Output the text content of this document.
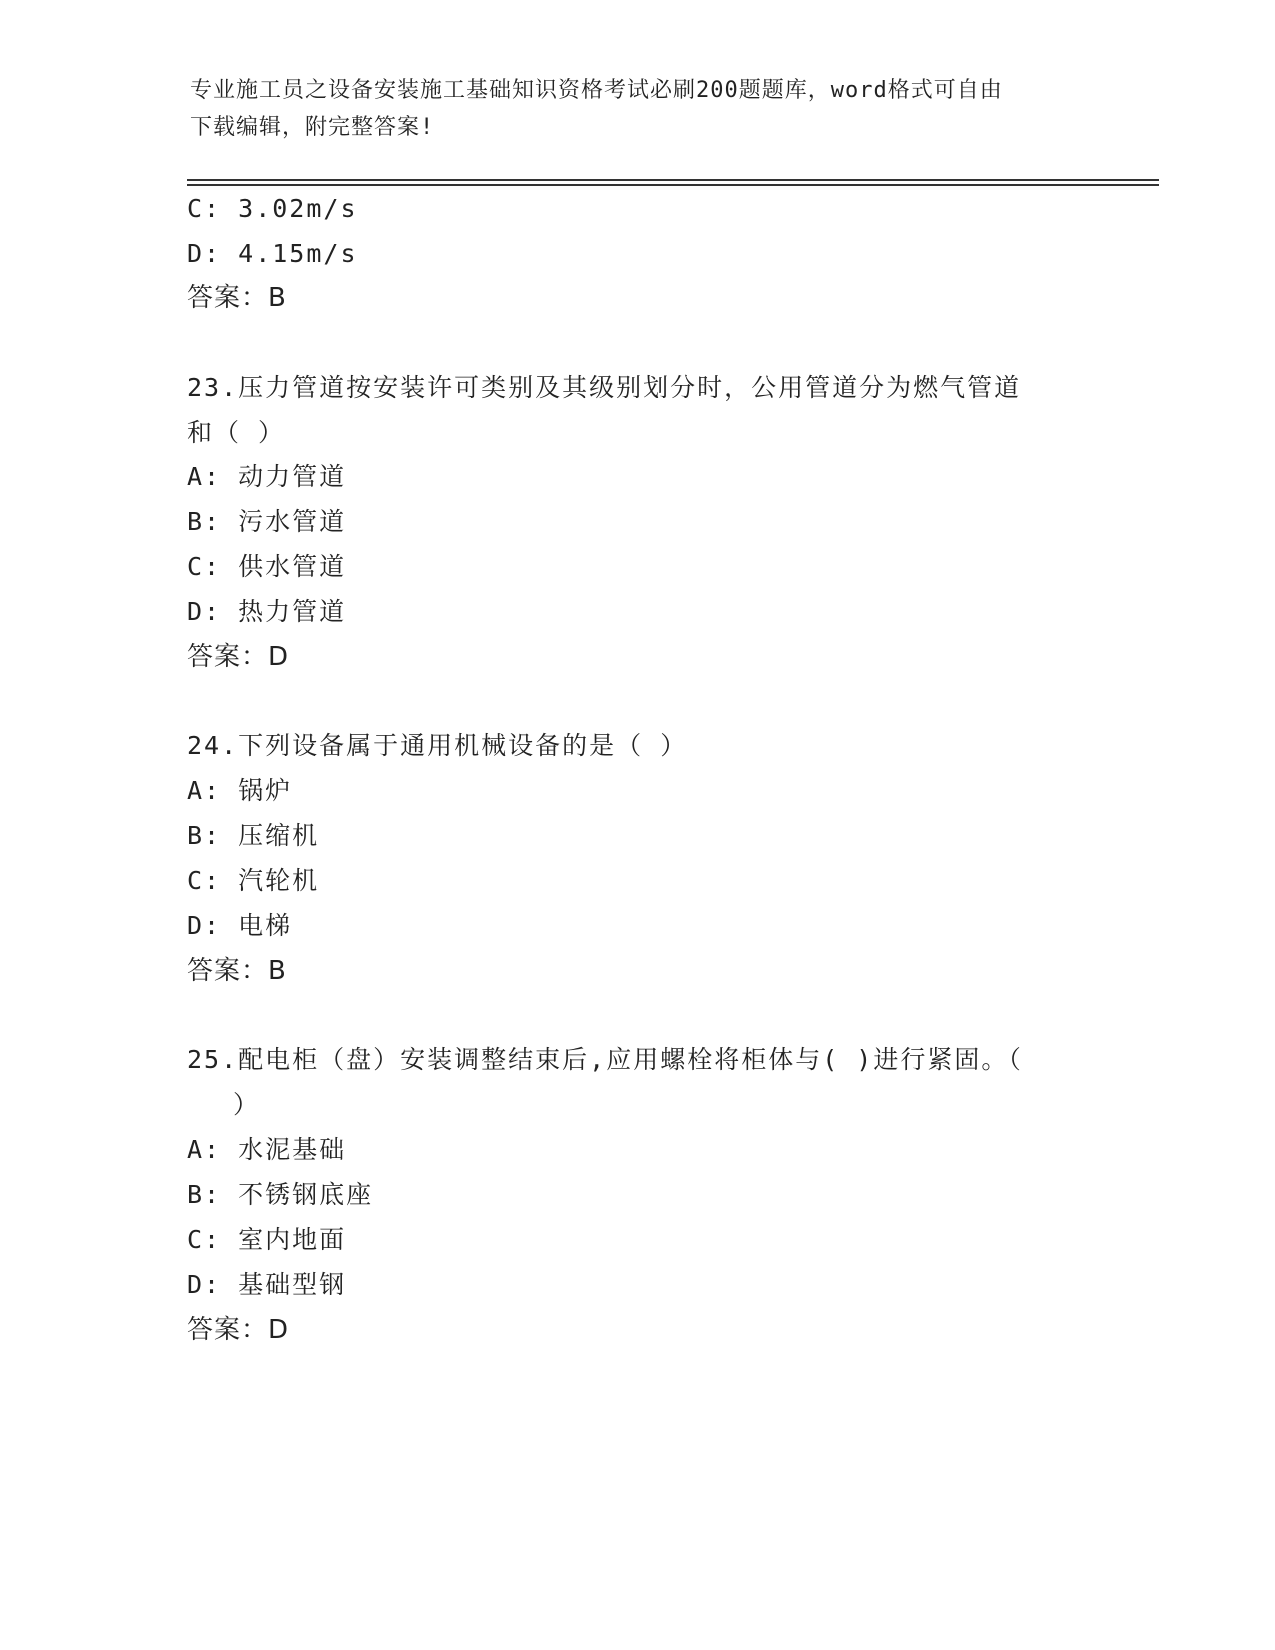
专业施工员之设备安装施工基础知识资格考试必刷200题题库，word格式可自由
下载编辑，附完整答案!
C: 3.02m/s
D: 4.15m/s
答案：B
23.压力管道按安装许可类别及其级别划分时，公用管道分为燃气管道
和（ ）
A: 动力管道
B: 污水管道
C: 供水管道
D: 热力管道
答案：D
24.下列设备属于通用机械设备的是（ ）
A: 锅炉
B: 压缩机
C: 汽轮机
D: 电梯
答案：B
25.配电柜（盘）安装调整结束后,应用螺栓将柜体与( )进行紧固。（
）
A: 水泥基础
B: 不锈钢底座
C: 室内地面
D: 基础型钢
答案：D
